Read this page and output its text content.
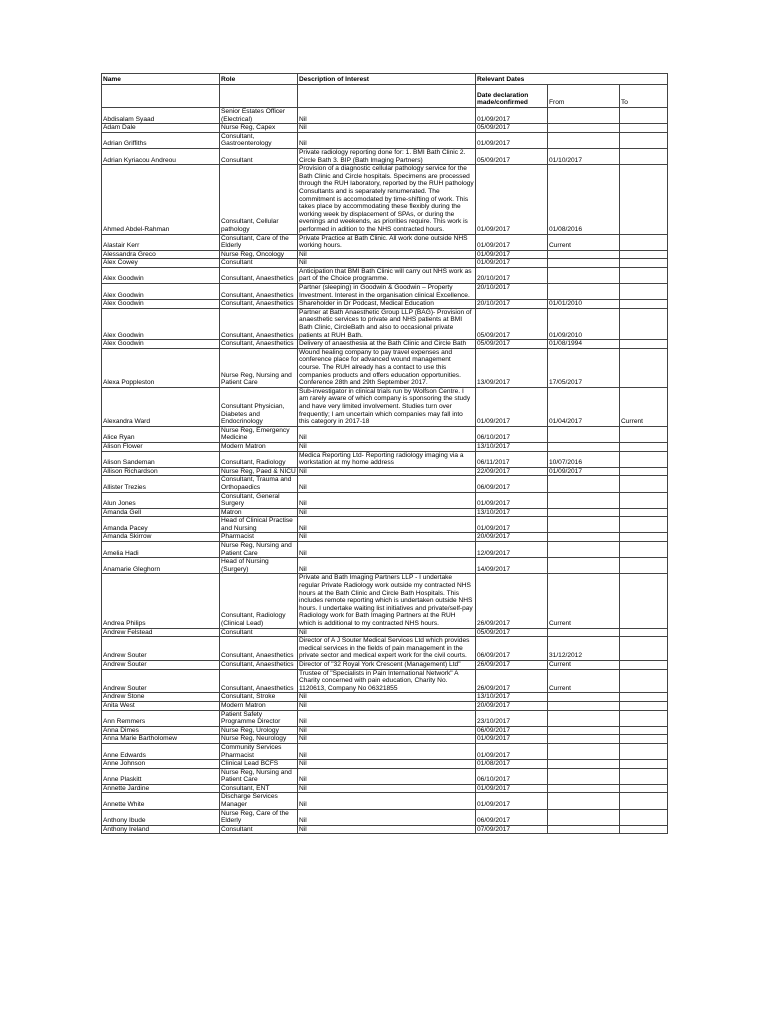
Name	Role	Description of Interest	Relevant Dates		
			Date declaration made/confirmed	From	To
Abdisalam Syaad	Senior Estates Officer (Electrical)	Nil	01/09/2017		
Adam Dale	Nurse Reg, Capex	Nil	05/09/2017		
Adrian Griffiths	Consultant, Gastroenterology	Nil	01/09/2017		
Adrian Kyriacou Andreou	Consultant	Private radiology reporting done for: 1. BMI Bath Clinic 2. Circle Bath 3. BIP (Bath Imaging Partners)	05/09/2017	01/10/2017	
Ahmed Abdel-Rahman	Consultant, Cellular pathology	Provision of a diagnostic cellular pathology service for the Bath Clinic and Circle hospitals. Specimens are processed through the RUH laboratory, reported by the RUH pathology Consultants and is separately renumerated. The commitment is accomodated by time-shifting of work. This takes place by accommodating these flexibly during the working week by displacement of SPAs, or during the evenings and weekends, as priorities require. This work is performed in adition to the NHS contracted hours.	01/09/2017	01/08/2016	
Alastair Kerr	Consultant, Care of the Elderly	Private Practice at Bath Clinic. All work done outside NHS working hours.	01/09/2017	Current	
Alessandra Greco	Nurse Reg, Oncology	Nil	01/09/2017		
Alex Cowey	Consultant	Nil	01/09/2017		
Alex Goodwin	Consultant, Anaesthetics	Anticipation that BMI Bath Clinic will carry out NHS work as part of the Choice programme.	20/10/2017		
Alex Goodwin	Consultant, Anaesthetics	Partner (sleeping) in Goodwin & Goodwin – Property Investment. Interest in the organisation clinical Excellence.	20/10/2017		
Alex Goodwin	Consultant, Anaesthetics	Shareholder in Dr Podcast, Medical Education	20/10/2017	01/01/2010	
Alex Goodwin	Consultant, Anaesthetics	Partner at Bath Anaesthetic Group LLP (BAG)- Provision of anaesthetic services to private and NHS patients at BMI Bath Clinic, CircleBath and also to occasional private patients at RUH Bath.	05/09/2017	01/09/2010	
Alex Goodwin	Consultant, Anaesthetics	Delivery of anaesthesia at the Bath Clinic and Circle Bath	05/09/2017	01/08/1994	
Alexa Poppleston	Nurse Reg, Nursing and Patient Care	Wound healing company to pay travel expenses and conference place for advanced wound management course. The RUH already has a contact to use this companies products and offers education opportunities. Conference 28th and 29th September 2017.	13/09/2017	17/05/2017	
Alexandra Ward	Consultant Physician, Diabetes and Endocrinology	Sub-investigator in clinical trials run by Wolfson Centre. I am rarely aware of which company is sponsoring the study and have very limited involvement. Studies turn over frequently; I am uncertain which companies may fall into this category in 2017-18	01/09/2017	01/04/2017	Current
Alice Ryan	Nurse Reg, Emergency Medicine	Nil	06/10/2017		
Alison Flower	Modern Matron	Nil	13/10/2017		
Alison Sandeman	Consultant, Radiology	Medica Reporting Ltd- Reporting radiology imaging via a workstation at my home address	06/11/2017	10/07/2016	
Allison Richardson	Nurse Reg, Paed & NICU	Nil	22/09/2017	01/09/2017	
Allister Trezies	Consultant, Trauma and Orthopaedics	Nil	06/09/2017		
Alun Jones	Consultant, General Surgery	Nil	01/09/2017		
Amanda Gell	Matron	Nil	13/10/2017		
Amanda Pacey	Head of Clinical Practise and Nursing	Nil	01/09/2017		
Amanda Skirrow	Pharmacist	Nil	20/09/2017		
Amelia Hadi	Nurse Reg, Nursing and Patient Care	Nil	12/09/2017		
Anamarie Gleghorn	Head of Nursing (Surgery)	Nil	14/09/2017		
Andrea Philips	Consultant, Radiology (Clinical Lead)	Private and Bath Imaging Partners LLP - I undertake regular Private Radiology work outside my contracted NHS hours at the Bath Clinic and Circle Bath Hospitals. This includes remote reporting which is undertaken outside NHS hours. I undertake waiting list initiatives and private/self-pay Radiology work for Bath Imaging Partners at the RUH which is additional to my contracted NHS hours.	26/09/2017	Current	
Andrew Felstead	Consultant	Nil	05/09/2017		
Andrew Souter	Consultant, Anaesthetics	Director of A J Souter Medical Services Ltd which provides medical services in the fields of pain management in the private sector and medical expert work for the civil courts.	06/09/2017	31/12/2012	
Andrew Souter	Consultant, Anaesthetics	Director of "32 Royal York Crescent (Management) Ltd"	26/09/2017	Current	
Andrew Souter	Consultant, Anaesthetics	Trustee of "Specialists in Pain International Network" A Charity concerned with pain education, Charity No. 1120613, Company No 06321855	26/09/2017	Current	
Andrew Stone	Consultant, Stroke	Nil	13/10/2017		
Anita West	Modern Matron	Nil	20/09/2017		
Ann Remmers	Patient Safety Programme Director	Nil	23/10/2017		
Anna Dimes	Nurse Reg, Urology	Nil	06/09/2017		
Anna Marie Bartholomew	Nurse Reg, Neurology	Nil	01/09/2017		
Anne Edwards	Community Services Pharmacist	Nil	01/09/2017		
Anne Johnson	Clinical Lead BCFS	Nil	01/08/2017		
Anne Plaskitt	Nurse Reg, Nursing and Patient Care	Nil	06/10/2017		
Annette Jardine	Consultant, ENT	Nil	01/09/2017		
Annette White	Discharge Services Manager	Nil	01/09/2017		
Anthony Ibude	Nurse Reg, Care of the Elderly	Nil	06/09/2017		
Anthony Ireland	Consultant	Nil	07/09/2017		
